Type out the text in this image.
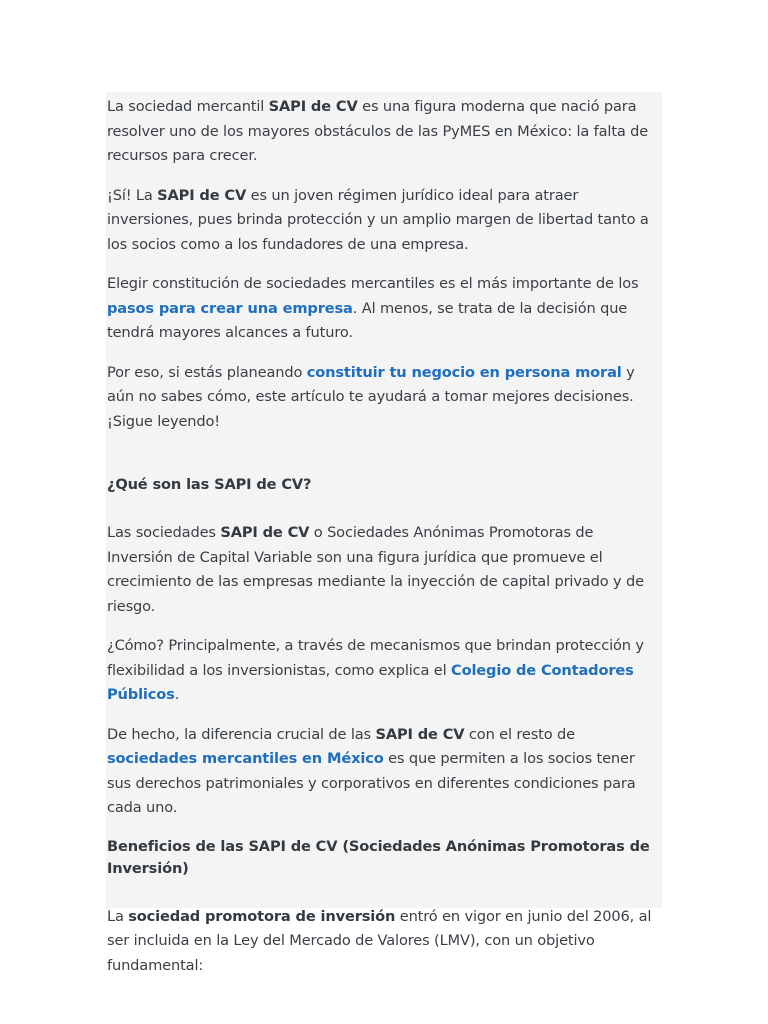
La sociedad mercantil SAPI de CV es una figura moderna que nació para resolver uno de los mayores obstáculos de las PyMES en México: la falta de recursos para crecer.

¡Sí! La SAPI de CV es un joven régimen jurídico ideal para atraer inversiones, pues brinda protección y un amplio margen de libertad tanto a los socios como a los fundadores de una empresa.

Elegir constitución de sociedades mercantiles es el más importante de los pasos para crear una empresa. Al menos, se trata de la decisión que tendrá mayores alcances a futuro.

Por eso, si estás planeando constituir tu negocio en persona moral y aún no sabes cómo, este artículo te ayudará a tomar mejores decisiones. ¡Sigue leyendo!

¿Qué son las SAPI de CV?

Las sociedades SAPI de CV o Sociedades Anónimas Promotoras de Inversión de Capital Variable son una figura jurídica que promueve el crecimiento de las empresas mediante la inyección de capital privado y de riesgo.

¿Cómo? Principalmente, a través de mecanismos que brindan protección y flexibilidad a los inversionistas, como explica el Colegio de Contadores Públicos.

De hecho, la diferencia crucial de las SAPI de CV con el resto de sociedades mercantiles en México es que permiten a los socios tener sus derechos patrimoniales y corporativos en diferentes condiciones para cada uno.

Beneficios de las SAPI de CV (Sociedades Anónimas Promotoras de Inversión)

La sociedad promotora de inversión entró en vigor en junio del 2006, al ser incluida en la Ley del Mercado de Valores (LMV), con un objetivo fundamental:
